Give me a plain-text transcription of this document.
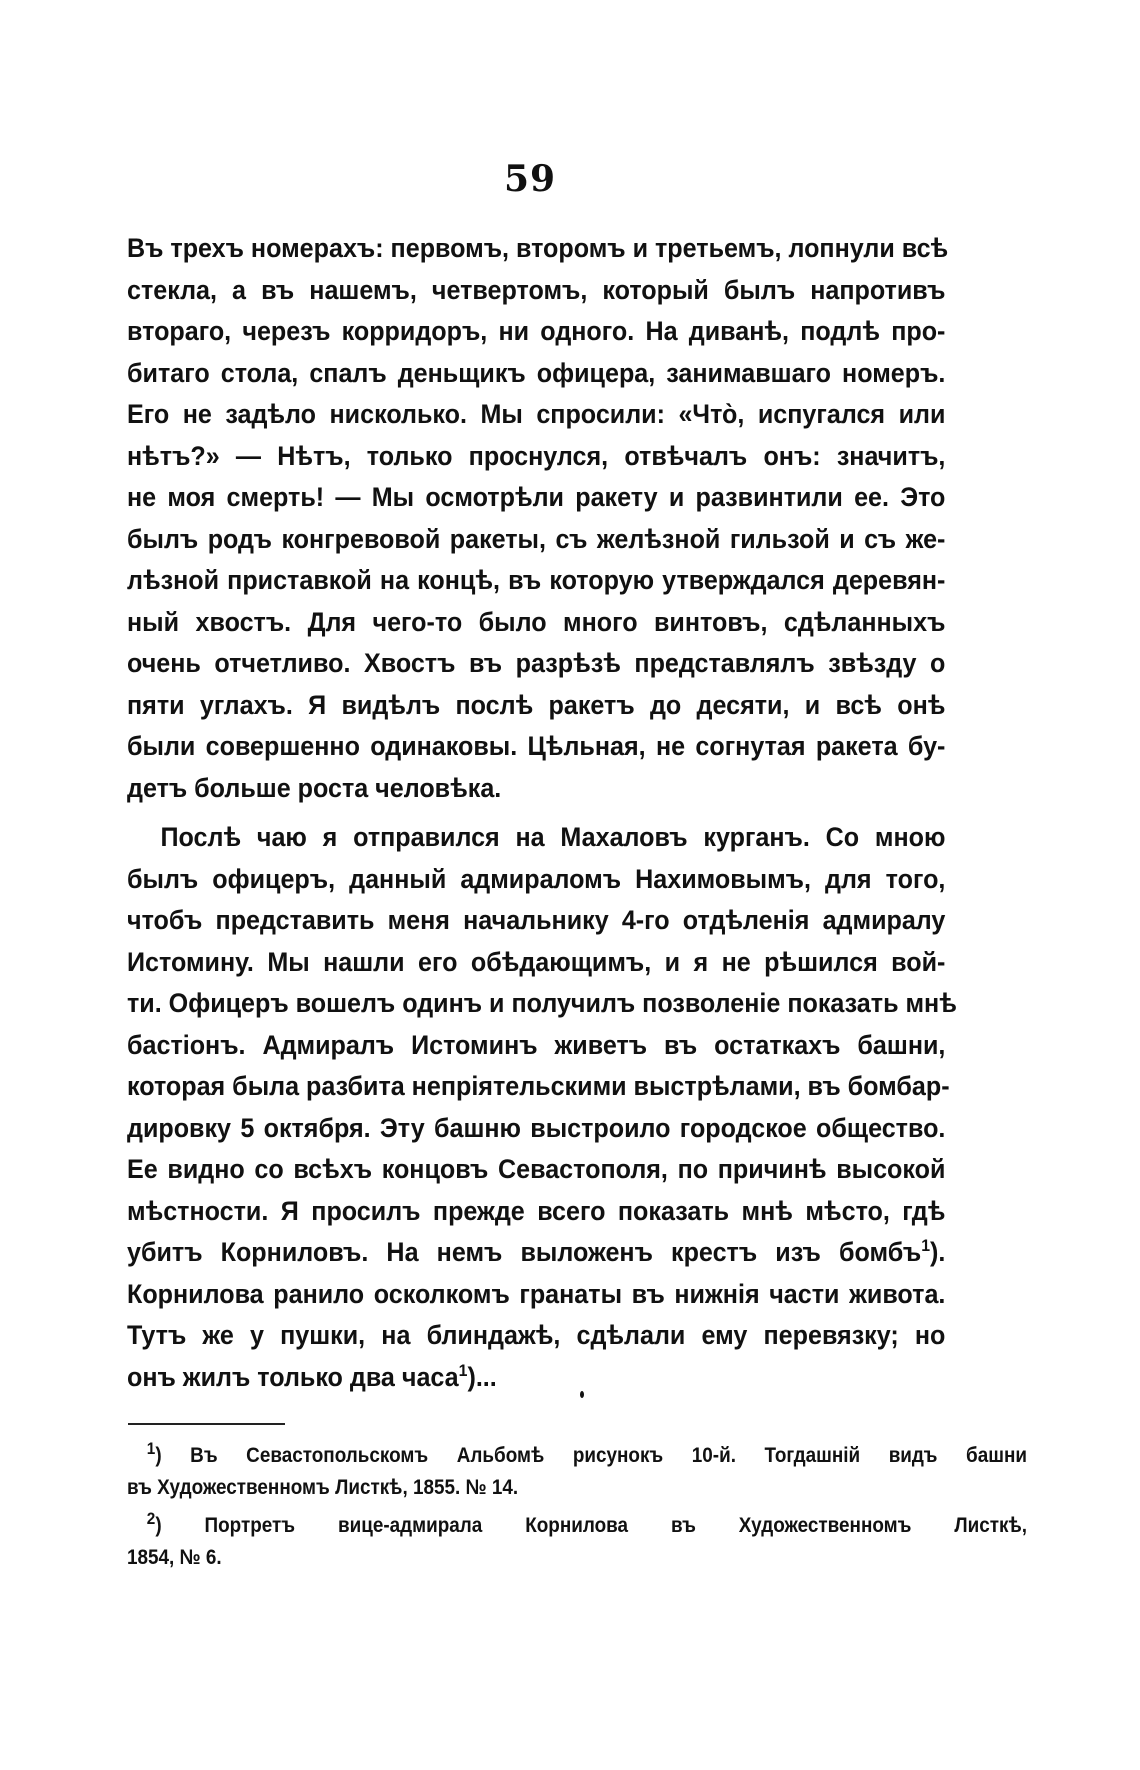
59
Въ трехъ номерахъ: первомъ, второмъ и третьемъ, лопнули всѣ
стекла, а въ нашемъ, четвертомъ, который былъ напротивъ
втораго, черезъ корридоръ, ни одного. На диванѣ, подлѣ про-
битаго стола, спалъ деньщикъ офицера, занимавшаго номеръ.
Его не задѣло нисколько. Мы спросили: «Что̀, испугался или
нѣтъ?» — Нѣтъ, только проснулся, отвѣчалъ онъ: значитъ,
не моя смерть! — Мы осмотрѣли ракету и развинтили ее. Это
былъ родъ конгревовой ракеты, съ желѣзной гильзой и съ же-
лѣзной приставкой на концѣ, въ которую утверждался деревян-
ный хвостъ. Для чего-то было много винтовъ, сдѣланныхъ
очень отчетливо. Хвостъ въ разрѣзѣ представлялъ звѣзду о
пяти углахъ. Я видѣлъ послѣ ракетъ до десяти, и всѣ онѣ
были совершенно одинаковы. Цѣльная, не согнутая ракета бу-
детъ больше роста человѣка.
Послѣ чаю я отправился на Махаловъ курганъ. Со мною
былъ офицеръ, данный адмираломъ Нахимовымъ, для того,
чтобъ представить меня начальнику 4-го отдѣленія адмиралу
Истомину. Мы нашли его обѣдающимъ, и я не рѣшился вой-
ти. Офицеръ вошелъ одинъ и получилъ позволеніе показать мнѣ
бастіонъ. Адмиралъ Истоминъ живетъ въ остаткахъ башни,
которая была разбита непріятельскими выстрѣлами, въ бомбар-
дировку 5 октября. Эту башню выстроило городское общество.
Ее видно со всѣхъ концовъ Севастополя, по причинѣ высокой
мѣстности. Я просилъ прежде всего показать мнѣ мѣсто, гдѣ
убитъ Корниловъ. На немъ выложенъ крестъ изъ бомбъ$^1$).
Корнилова ранило осколкомъ гранаты въ нижнія части живота.
Тутъ же у пушки, на блиндажѣ, сдѣлали ему перевязку; но
онъ жилъ только два часа$^1$)...
$^1$) Въ Севастопольскомъ Альбомѣ рисунокъ 10-й. Тогдашній видъ башни
въ Художественномъ Листкѣ, 1855. № 14.
$^2$) Портретъ вице-адмирала Корнилова въ Художественномъ Листкѣ,
1854, № 6.
